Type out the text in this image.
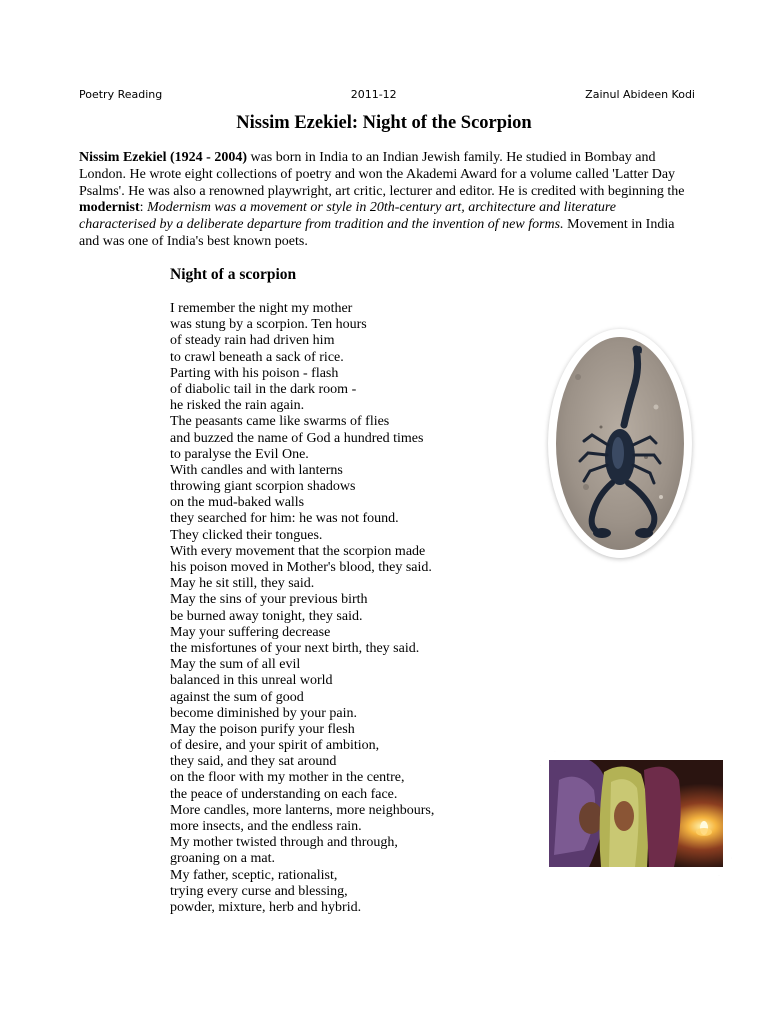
Poetry Reading	2011-12	Zainul Abideen Kodi
Nissim Ezekiel: Night of the Scorpion
Nissim Ezekiel (1924 - 2004) was born in India to an Indian Jewish family. He studied in Bombay and London. He wrote eight collections of poetry and won the Akademi Award for a volume called 'Latter Day Psalms'. He was also a renowned playwright, art critic, lecturer and editor. He is credited with beginning the modernist: Modernism was a movement or style in 20th-century art, architecture and literature characterised by a deliberate departure from tradition and the invention of new forms. Movement in India and was one of India's best known poets.
Night of a scorpion
I remember the night my mother
was stung by a scorpion. Ten hours
of steady rain had driven him
to crawl beneath a sack of rice.
Parting with his poison - flash
of diabolic tail in the dark room -
he risked the rain again.
The peasants came like swarms of flies
and buzzed the name of God a hundred times
to paralyse the Evil One.
With candles and with lanterns
throwing giant scorpion shadows
on the mud-baked walls
they searched for him: he was not found.
They clicked their tongues.
With every movement that the scorpion made
his poison moved in Mother's blood, they said.
May he sit still, they said.
May the sins of your previous birth
be burned away tonight, they said.
May your suffering decrease
the misfortunes of your next birth, they said.
May the sum of all evil
balanced in this unreal world
against the sum of good
become diminished by your pain.
May the poison purify your flesh
of desire, and your spirit of ambition,
they said, and they sat around
on the floor with my mother in the centre,
the peace of understanding on each face.
More candles, more lanterns, more neighbours,
more insects, and the endless rain.
My mother twisted through and through,
groaning on a mat.
My father, sceptic, rationalist,
trying every curse and blessing,
powder, mixture, herb and hybrid.
